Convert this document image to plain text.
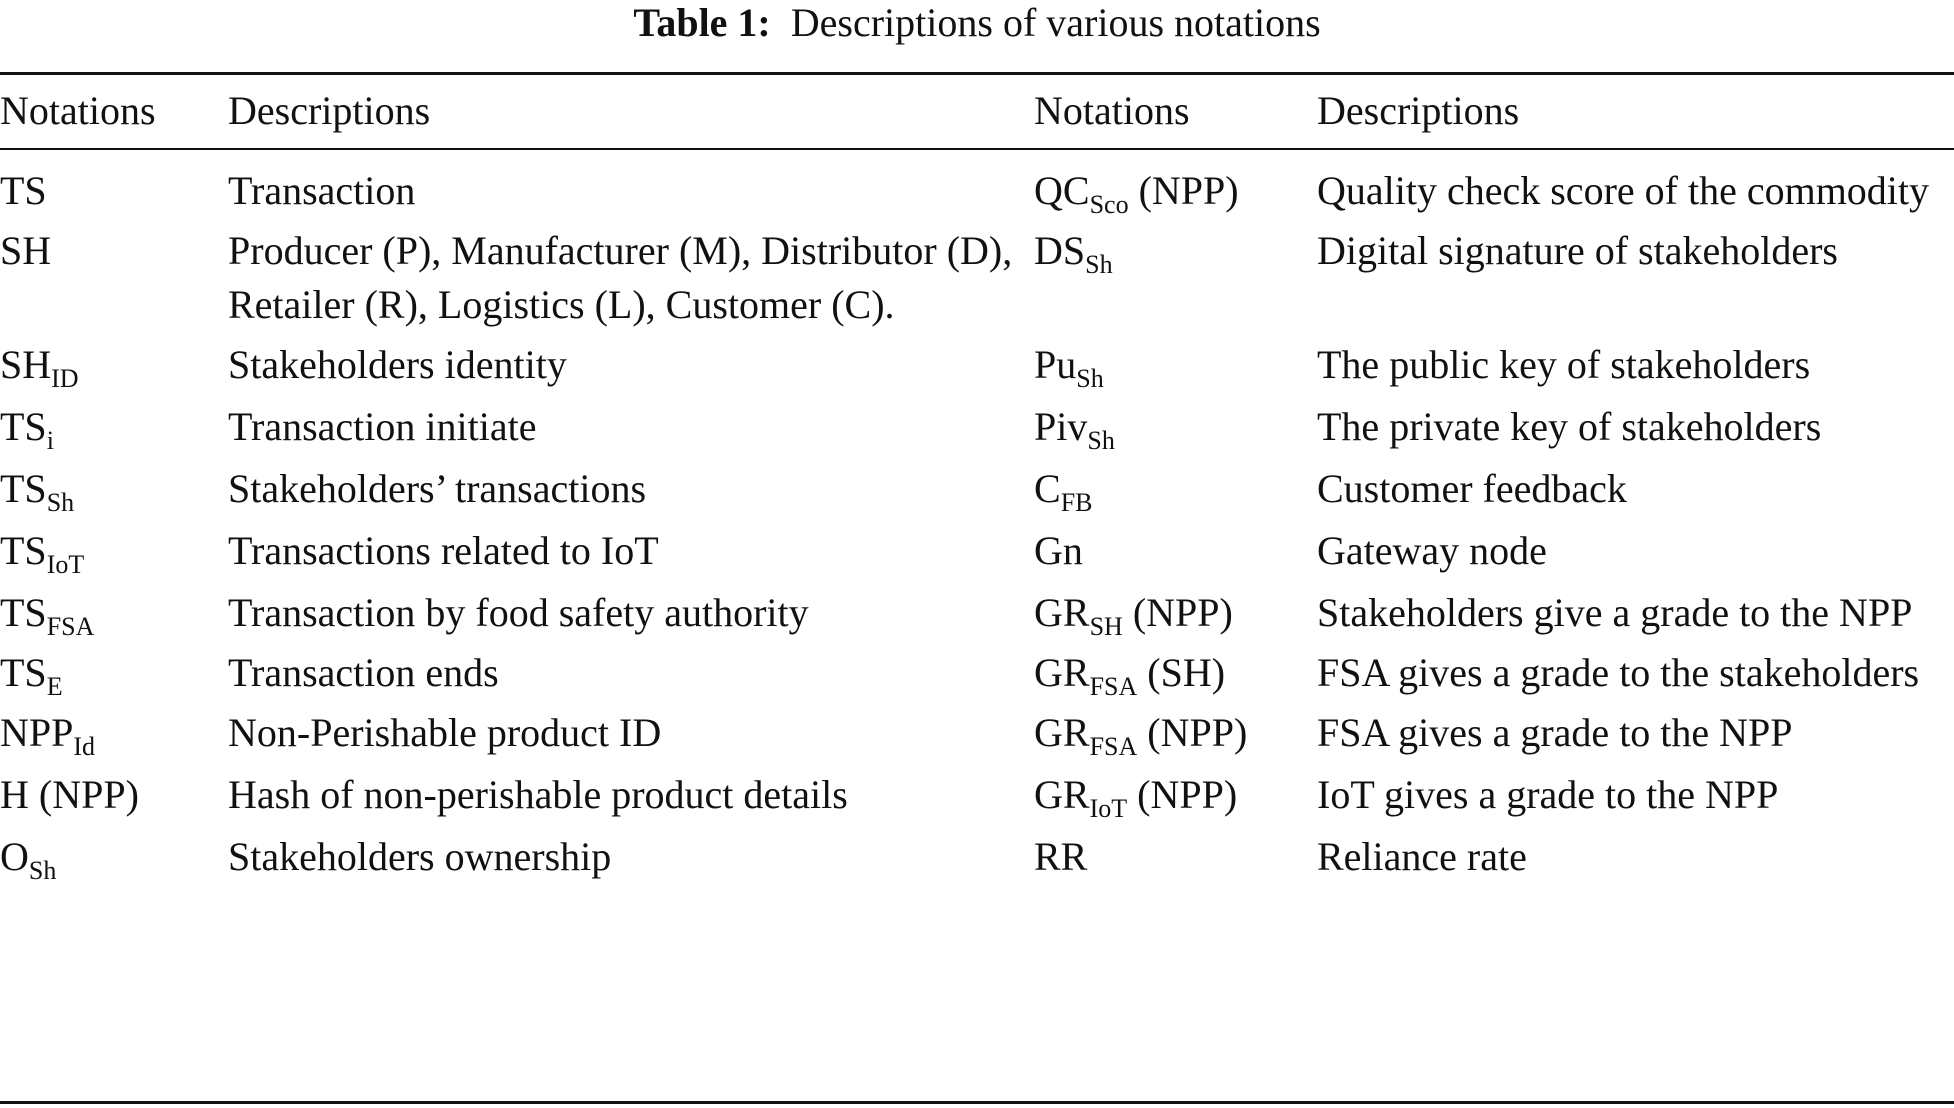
Table 1: Descriptions of various notations
Notations	Descriptions	Notations	Descriptions
TS	Transaction	$QC_{Sco}$ (NPP)	Quality check score of the commodity
SH	Producer (P), Manufacturer (M), Distributor (D), Retailer (R), Logistics (L), Customer (C).	$DS_{Sh}$	Digital signature of stakeholders
$SH_{ID}$	Stakeholders identity	$Pu_{Sh}$	The public key of stakeholders
$TS_i$	Transaction initiate	Piv$_{Sh}$	The private key of stakeholders
$TS_{Sh}$	Stakeholders’ transactions	$C_{FB}$	Customer feedback
$TS_{IoT}$	Transactions related to IoT	Gn	Gateway node
$TS_{FSA}$	Transaction by food safety authority	$GR_{SH}$ (NPP)	Stakeholders give a grade to the NPP
$TS_E$	Transaction ends	$GR_{FSA}$ (SH)	FSA gives a grade to the stakeholders
$NPP_{Id}$	Non-Perishable product ID	$GR_{FSA}$ (NPP)	FSA gives a grade to the NPP
H (NPP)	Hash of non-perishable product details	$GR_{IoT}$ (NPP)	IoT gives a grade to the NPP
$O_{Sh}$	Stakeholders ownership	RR	Reliance rate
